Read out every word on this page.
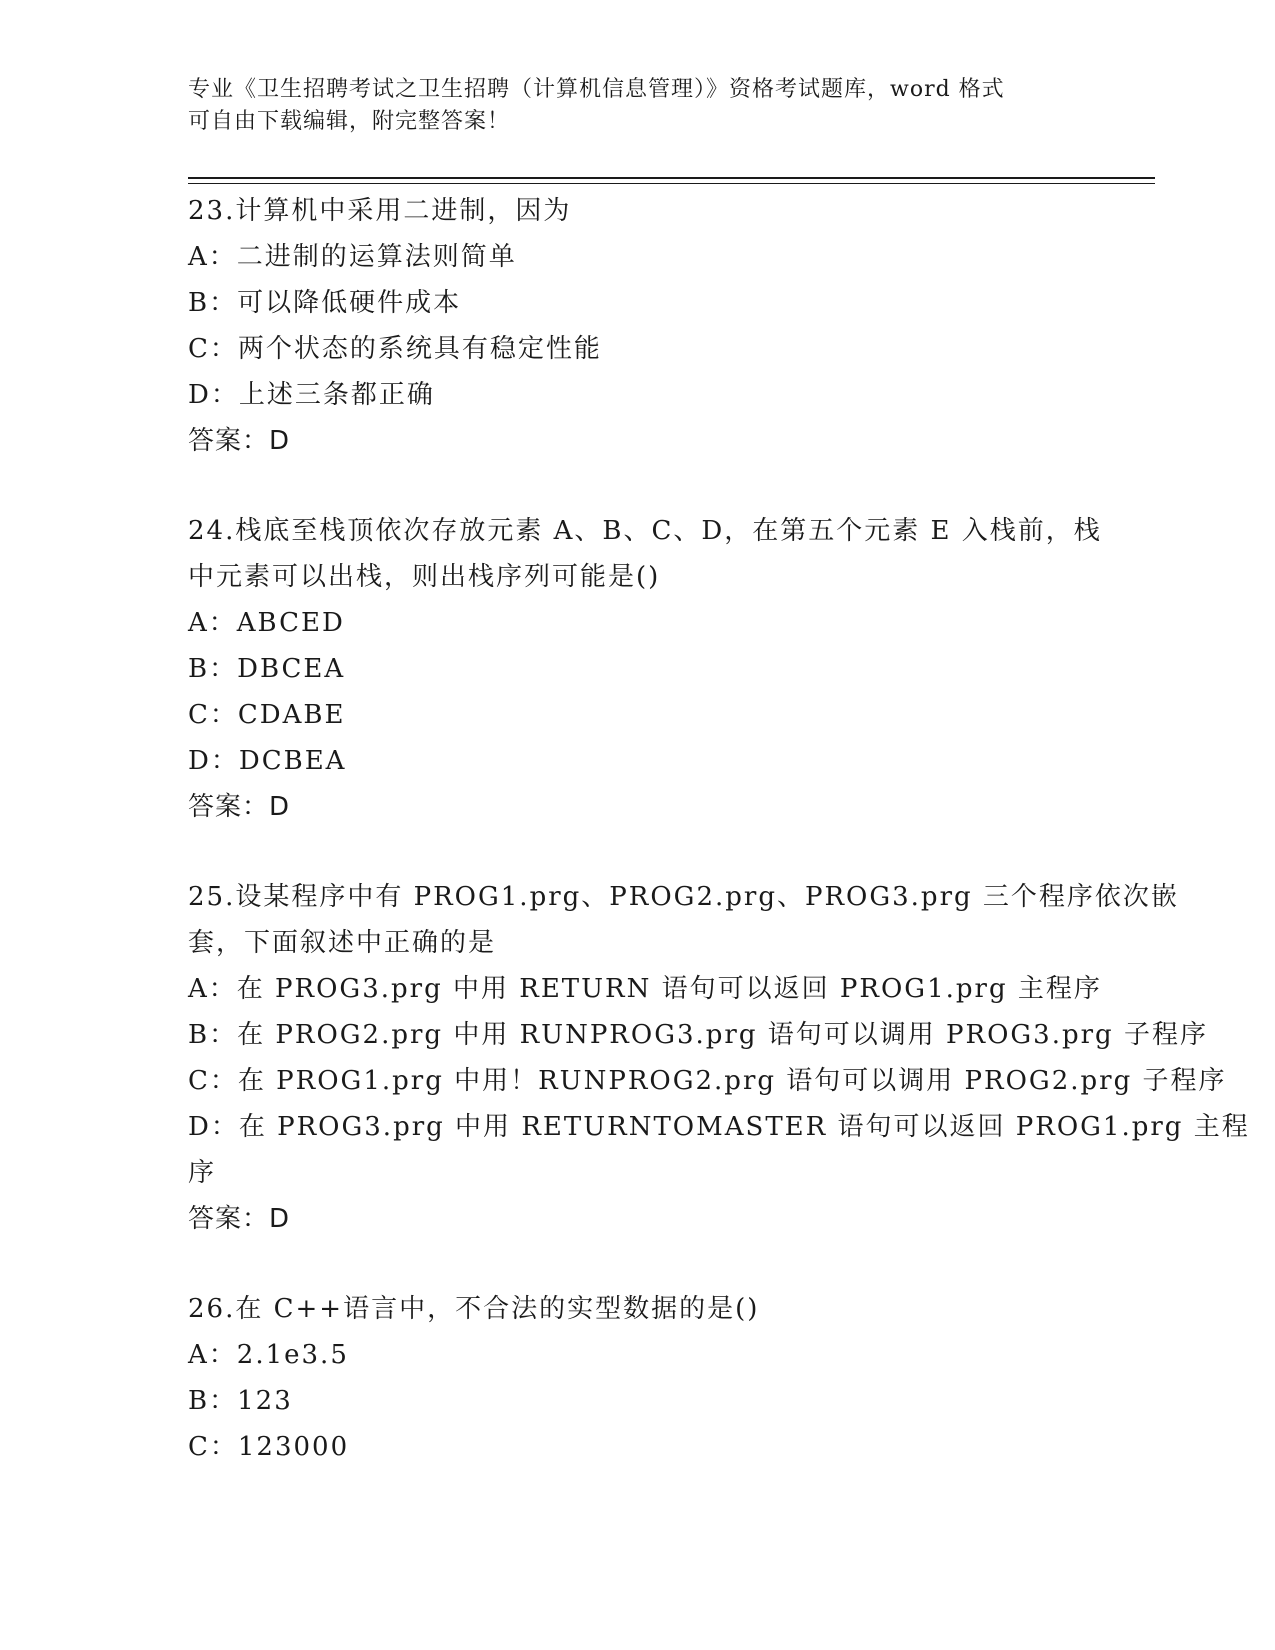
专业《卫生招聘考试之卫生招聘（计算机信息管理）》资格考试题库，word 格式
可自由下载编辑，附完整答案！
23.计算机中采用二进制，因为
A：二进制的运算法则简单
B：可以降低硬件成本
C：两个状态的系统具有稳定性能
D：上述三条都正确
答案：D
24.栈底至栈顶依次存放元素 A、B、C、D，在第五个元素 E 入栈前，栈
中元素可以出栈，则出栈序列可能是()
A：ABCED
B：DBCEA
C：CDABE
D：DCBEA
答案：D
25.设某程序中有 PROG1.prg、PROG2.prg、PROG3.prg 三个程序依次嵌
套，下面叙述中正确的是
A：在 PROG3.prg 中用 RETURN 语句可以返回 PROG1.prg 主程序
B：在 PROG2.prg 中用 RUNPROG3.prg 语句可以调用 PROG3.prg 子程序
C：在 PROG1.prg 中用！RUNPROG2.prg 语句可以调用 PROG2.prg 子程序
D：在 PROG3.prg 中用 RETURNTOMASTER 语句可以返回 PROG1.prg 主程
序
答案：D
26.在 C++语言中，不合法的实型数据的是()
A：2.1e3.5
B：123
C：123000
